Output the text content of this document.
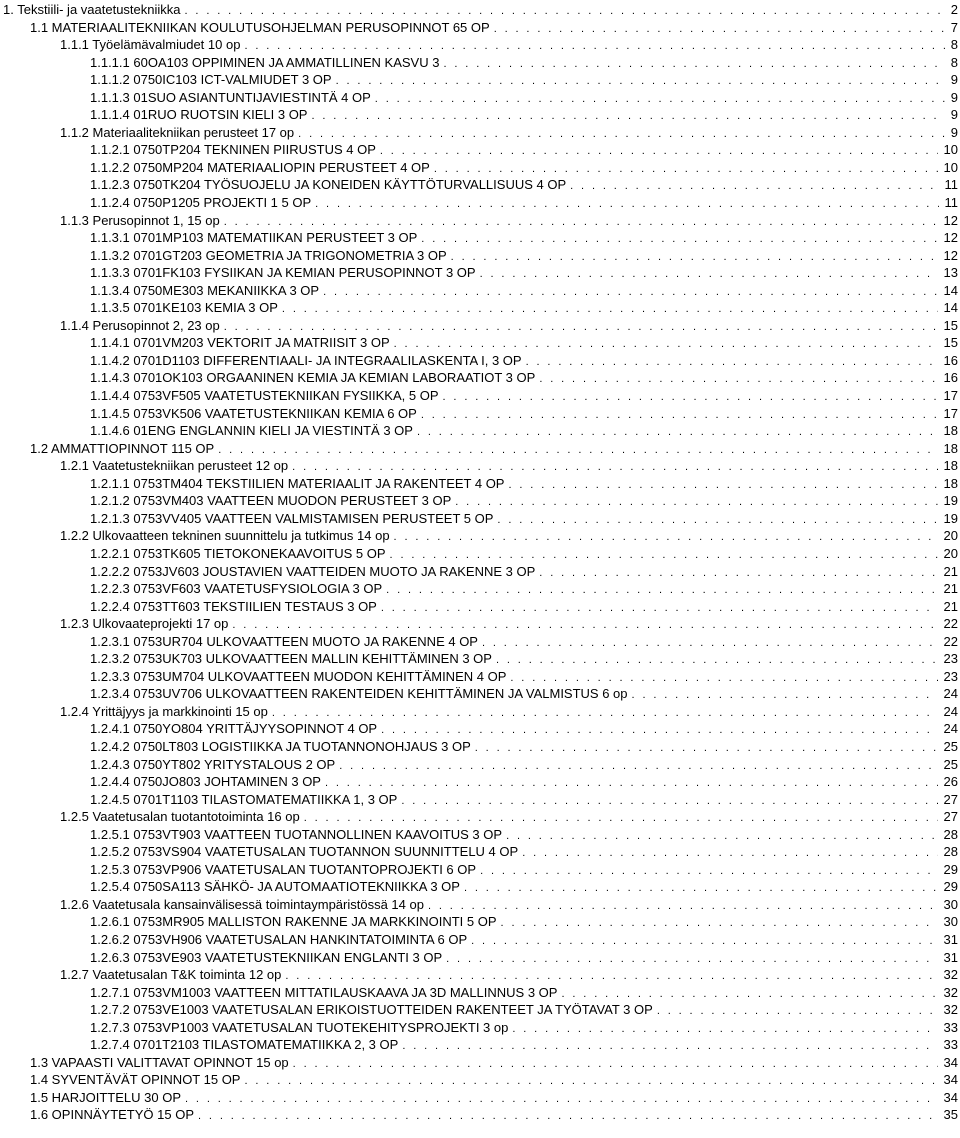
1. Tekstiili- ja vaatetustekniikka . . .	2
1.1 MATERIAALITEKNIIKAN KOULUTUSOHJELMAN PERUSOPINNOT 65 OP . . .	7
1.1.1 Työelämävalmiudet 10 op . . .	8
1.1.1.1 60OA103 OPPIMINEN JA AMMATILLINEN KASVU 3 . . .	8
1.1.1.2 0750IC103 ICT-VALMIUDET 3 OP . . .	9
1.1.1.3 01SUO ASIANTUNTIJAVIESTINTÄ 4 OP . . .	9
1.1.1.4 01RUO RUOTSIN KIELI 3 OP . . .	9
1.1.2 Materiaalitekniikan perusteet 17 op . . .	9
1.1.2.1 0750TP204 TEKNINEN PIIRUSTUS 4 OP . . .	10
1.1.2.2 0750MP204 MATERIAALIOPIN PERUSTEET 4 OP . . .	10
1.1.2.3 0750TK204 TYÖSUOJELU JA KONEIDEN KÄYTTÖTURVALLISUUS 4 OP . . .	11
1.1.2.4 0750P1205 PROJEKTI 1 5 OP . . .	11
1.1.3 Perusopinnot 1, 15 op . . .	12
1.1.3.1 0701MP103 MATEMATIIKAN PERUSTEET 3 OP . . .	12
1.1.3.2 0701GT203 GEOMETRIA JA TRIGONOMETRIA 3 OP . . .	12
1.1.3.3 0701FK103 FYSIIKAN JA KEMIAN PERUSOPINNOT 3 OP . . .	13
1.1.3.4 0750ME303 MEKANIIKKA 3 OP . . .	14
1.1.3.5 0701KE103 KEMIA 3 OP . . .	14
1.1.4 Perusopinnot 2, 23 op . . .	15
1.1.4.1 0701VM203 VEKTORIT JA MATRIISIT 3 OP . . .	15
1.1.4.2 0701D1103 DIFFERENTIAALI- JA INTEGRAALILASKENTA I, 3 OP . . .	16
1.1.4.3 0701OK103 ORGAANINEN KEMIA JA KEMIAN LABORAATIOT 3 OP . . .	16
1.1.4.4 0753VF505 VAATETUSTEKNIIKAN FYSIIKKA, 5 OP . . .	17
1.1.4.5 0753VK506 VAATETUSTEKNIIKAN KEMIA 6 OP . . .	17
1.1.4.6 01ENG ENGLANNIN KIELI JA VIESTINTÄ 3 OP . . .	18
1.2 AMMATTIOPINNOT 115 OP . . .	18
1.2.1 Vaatetustekniikan perusteet 12 op . . .	18
1.2.1.1 0753TM404 TEKSTIILIEN MATERIAALIT JA RAKENTEET 4 OP . . .	18
1.2.1.2 0753VM403 VAATTEEN MUODON PERUSTEET 3 OP . . .	19
1.2.1.3 0753VV405 VAATTEEN VALMISTAMISEN PERUSTEET 5 OP . . .	19
1.2.2 Ulkovaatteen tekninen suunnittelu ja tutkimus 14 op . . .	20
1.2.2.1 0753TK605 TIETOKONEKAAVOITUS 5 OP . . .	20
1.2.2.2 0753JV603 JOUSTAVIEN VAATTEIDEN MUOTO JA RAKENNE 3 OP . . .	21
1.2.2.3 0753VF603 VAATETUSFYSIOLOGIA 3 OP . . .	21
1.2.2.4 0753TT603 TEKSTIILIEN TESTAUS 3 OP . . .	21
1.2.3 Ulkovaateprojekti 17 op . . .	22
1.2.3.1 0753UR704 ULKOVAATTEEN MUOTO JA RAKENNE 4 OP . . .	22
1.2.3.2 0753UK703 ULKOVAATTEEN MALLIN KEHITTÄMINEN 3 OP . . .	23
1.2.3.3 0753UM704 ULKOVAATTEEN MUODON KEHITTÄMINEN 4 OP . . .	23
1.2.3.4 0753UV706 ULKOVAATTEEN RAKENTEIDEN KEHITTÄMINEN JA VALMISTUS 6 op . . .	24
1.2.4 Yrittäjyys ja markkinointi 15 op . . .	24
1.2.4.1 0750YO804 YRITTÄJYYSOPINNOT 4 OP . . .	24
1.2.4.2 0750LT803 LOGISTIIKKA JA TUOTANNONOHJAUS 3 OP . . .	25
1.2.4.3 0750YT802 YRITYSTALOUS 2 OP . . .	25
1.2.4.4 0750JO803 JOHTAMINEN 3 OP . . .	26
1.2.4.5 0701T1103 TILASTOMATEMATIIKKA 1, 3 OP . . .	27
1.2.5 Vaatetusalan tuotantotoiminta 16 op . . .	27
1.2.5.1 0753VT903 VAATTEEN TUOTANNOLLINEN KAAVOITUS 3 OP . . .	28
1.2.5.2 0753VS904 VAATETUSALAN TUOTANNON SUUNNITTELU 4 OP . . .	28
1.2.5.3 0753VP906 VAATETUSALAN TUOTANTOPROJEKTI 6 OP . . .	29
1.2.5.4 0750SA113 SÄHKÖ- JA AUTOMAATIOTEKNIIKKA 3 OP . . .	29
1.2.6 Vaatetusala kansainvälisessä toimintaympäristössä 14 op . . .	30
1.2.6.1 0753MR905 MALLISTON RAKENNE JA MARKKINOINTI 5 OP . . .	30
1.2.6.2 0753VH906 VAATETUSALAN HANKINTATOIMINTA 6 OP . . .	31
1.2.6.3 0753VE903 VAATETUSTEKNIIKAN ENGLANTI 3 OP . . .	31
1.2.7 Vaatetusalan T&K toiminta 12 op . . .	32
1.2.7.1 0753VM1003 VAATTEEN MITTATILAUSKAAVA JA 3D MALLINNUS 3 OP . . .	32
1.2.7.2 0753VE1003 VAATETUSALAN ERIKOISTUOTTEIDEN RAKENTEET JA TYÖTAVAT 3 OP . . .	32
1.2.7.3 0753VP1003 VAATETUSALAN TUOTEKEHITYSPROJEKTI 3 op . . .	33
1.2.7.4 0701T2103 TILASTOMATEMATIIKKA 2, 3 OP . . .	33
1.3 VAPAASTI VALITTAVAT OPINNOT 15 op . . .	34
1.4 SYVENTÄVÄT OPINNOT 15 OP . . .	34
1.5 HARJOITTELU 30 OP . . .	34
1.6 OPINNÄYTETYÖ 15 OP . . .	35
